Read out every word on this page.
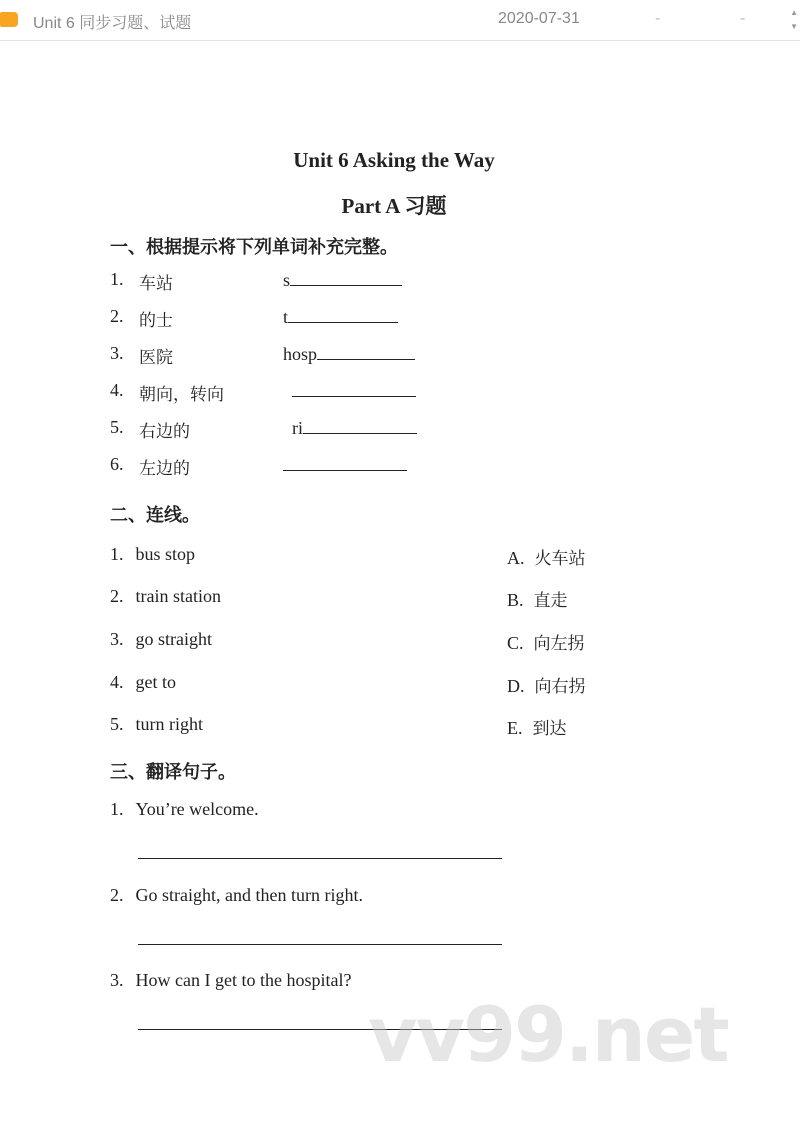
Unit 6 同步习题、试题	2020-07-31	-	-	▲
▼
Unit 6 Asking the Way
Part A 习题
一、根据提示将下列单词补充完整。
1. 车站	s
2. 的士	t
3. 医院	hosp
4. 朝向，转向
5. 右边的	ri
6. 左边的
二、连线。
1. bus stop	A. 火车站
2. train station	B. 直走
3. go straight	C. 向左拐
4. get to	D. 向右拐
5. turn right	E. 到达
三、翻译句子。
1. You’re welcome.
2. Go straight, and then turn right.
3. How can I get to the hospital?
vv99.net
